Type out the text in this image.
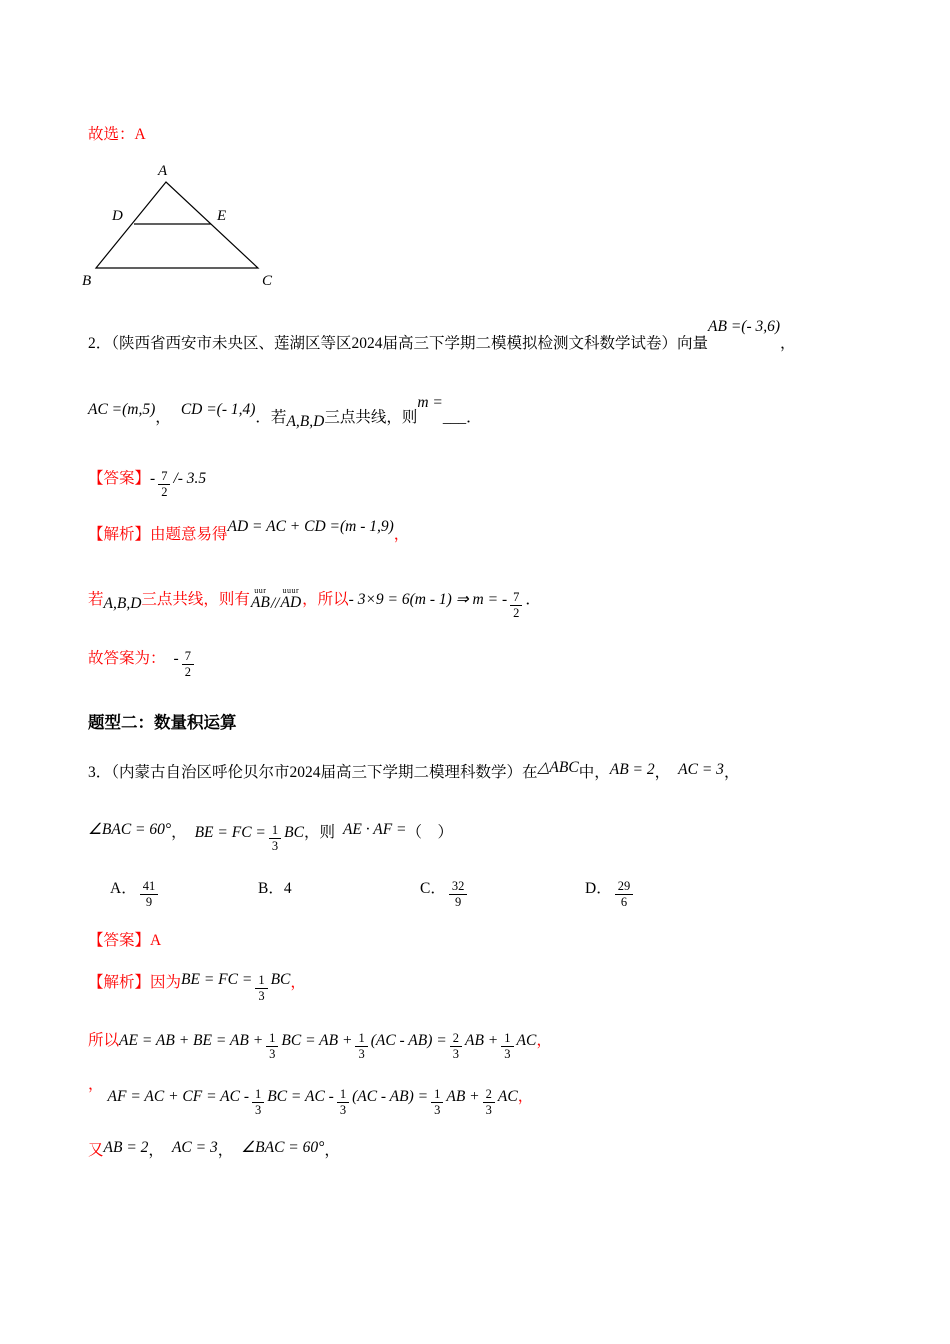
故选：A
A
D	E
B	C
2．（陕西省西安市未央区、莲湖区等区2024届高三下学期二模模拟检测文科数学试卷）向量AB =(- 3,6)，
AC =(m,5)， CD =(- 1,4)．若A,B,D三点共线，则m =___．
【答案】- $\frac{7}{2} /- 3.5$
【解析】由题意易得AD = AC + CD =(m - 1,9)，
若A,B,D三点共线，则有
uur
AB //
uuur
AD ，所以- 3×9 = 6(m - 1) ⇒ m = - $\frac{7}{2}$ ．
故答案为： - $\frac{7}{2}$
题型二：数量积运算
3．（内蒙古自治区呼伦贝尔市2024届高三下学期二模理科数学）在△ABC中，AB = 2， AC = 3，
∠BAC = 60°， BE = FC = $\frac{1}{3}$ BC，则 AE · AF =（　）
A． $\frac{41}{9}$	B．4	C． $\frac{32}{9}$	D． $\frac{29}{6}$
【答案】A
【解析】因为BE = FC = $\frac{1}{3}$ BC，
所以AE = AB + BE = AB + $\frac{1}{3}$ BC = AB + $\frac{1}{3} (AC - AB) = \frac{2}{3}$ AB + $\frac{1}{3}$ AC，
，AF = AC + CF = AC - $\frac{1}{3}$ BC = AC - $\frac{1}{3} (AC - AB) = \frac{1}{3}$ AB + $\frac{2}{3}$ AC，
又AB = 2， AC = 3， ∠BAC = 60°，
